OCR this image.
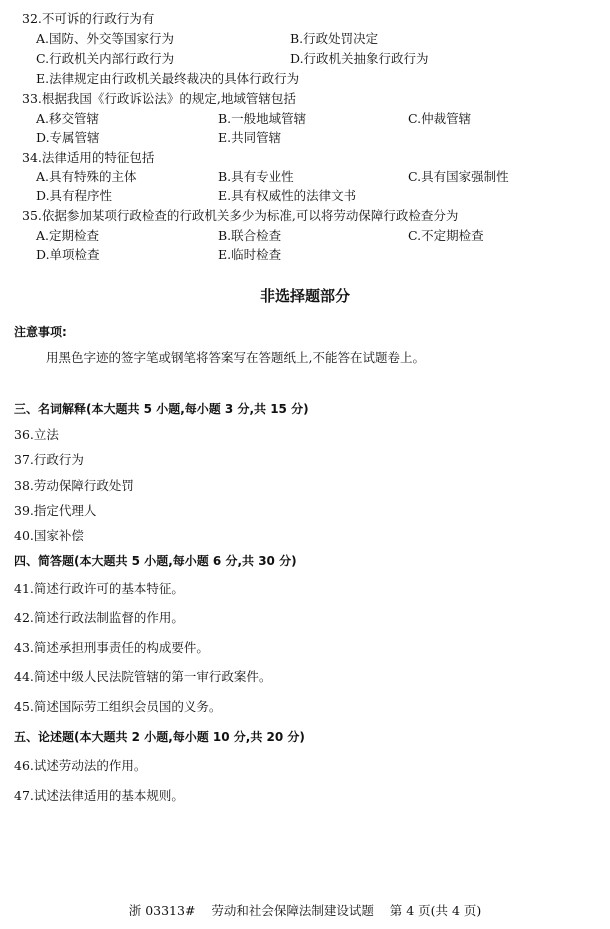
32.不可诉的行政行为有
A.国防、外交等国家行为	B.行政处罚决定
C.行政机关内部行政行为	D.行政机关抽象行政行为
E.法律规定由行政机关最终裁决的具体行政行为
33.根据我国《行政诉讼法》的规定,地域管辖包括
A.移交管辖	B.一般地域管辖	C.仲裁管辖
D.专属管辖	E.共同管辖
34.法律适用的特征包括
A.具有特殊的主体	B.具有专业性	C.具有国家强制性
D.具有程序性	E.具有权威性的法律文书
35.依据参加某项行政检查的行政机关多少为标准,可以将劳动保障行政检查分为
A.定期检查	B.联合检查	C.不定期检查
D.单项检查	E.临时检查
非选择题部分
注意事项:
用黑色字迹的签字笔或钢笔将答案写在答题纸上,不能答在试题卷上。
三、名词解释(本大题共 5 小题,每小题 3 分,共 15 分)
36.立法
37.行政行为
38.劳动保障行政处罚
39.指定代理人
40.国家补偿
四、简答题(本大题共 5 小题,每小题 6 分,共 30 分)
41.简述行政许可的基本特征。
42.简述行政法制监督的作用。
43.简述承担刑事责任的构成要件。
44.简述中级人民法院管辖的第一审行政案件。
45.简述国际劳工组织会员国的义务。
五、论述题(本大题共 2 小题,每小题 10 分,共 20 分)
46.试述劳动法的作用。
47.试述法律适用的基本规则。
浙 03313#    劳动和社会保障法制建设试题    第 4 页(共 4 页)
